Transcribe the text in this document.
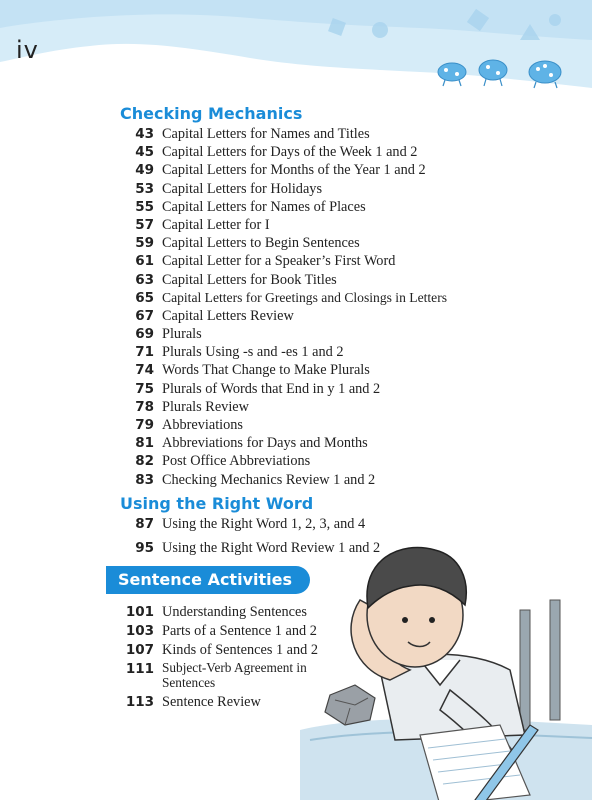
iv
Checking Mechanics
43 Capital Letters for Names and Titles
45 Capital Letters for Days of the Week 1 and 2
49 Capital Letters for Months of the Year 1 and 2
53 Capital Letters for Holidays
55 Capital Letters for Names of Places
57 Capital Letter for I
59 Capital Letters to Begin Sentences
61 Capital Letter for a Speaker’s First Word
63 Capital Letters for Book Titles
65 Capital Letters for Greetings and Closings in Letters
67 Capital Letters Review
69 Plurals
71 Plurals Using -s and -es 1 and 2
74 Words That Change to Make Plurals
75 Plurals of Words that End in y 1 and 2
78 Plurals Review
79 Abbreviations
81 Abbreviations for Days and Months
82 Post Office Abbreviations
83 Checking Mechanics Review 1 and 2
Using the Right Word
87 Using the Right Word 1, 2, 3, and 4
95 Using the Right Word Review 1 and 2
Sentence Activities
101 Understanding Sentences
103 Parts of a Sentence 1 and 2
107 Kinds of Sentences 1 and 2
111 Subject-Verb Agreement in Sentences
113 Sentence Review
